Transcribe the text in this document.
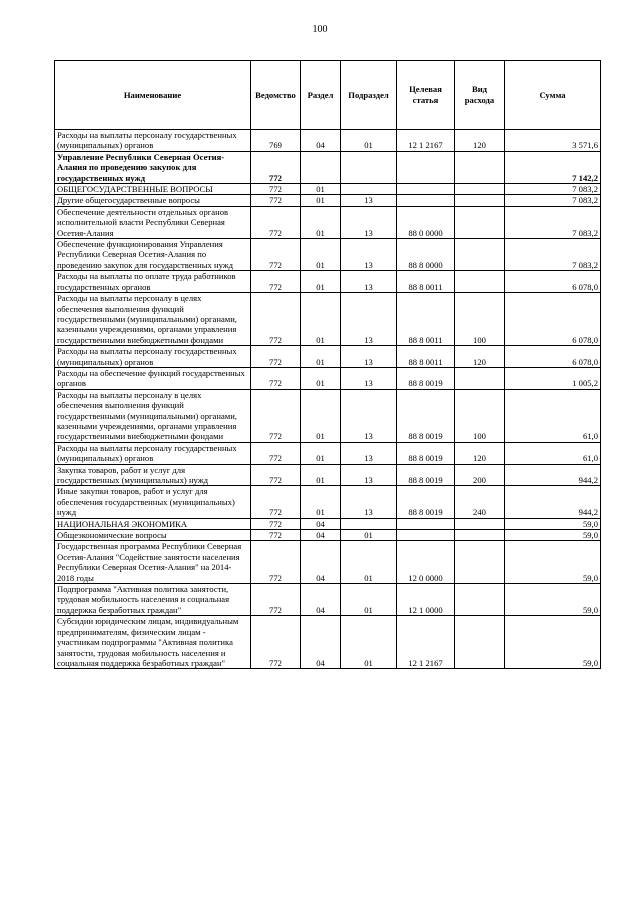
100
Наименование	Ведомство	Раздел	Подраздел	Целевая статья	Вид расхода	Сумма
Расходы на выплаты персоналу государственных (муниципальных) органов	769	04	01	12 1 2167	120	3 571,6
Управление Республики Северная Осетия-Алания по проведению закупок для государственных нужд	772					7 142,2
ОБЩЕГОСУДАРСТВЕННЫЕ ВОПРОСЫ	772	01				7 083,2
Другие общегосударственные вопросы	772	01	13			7 083,2
Обеспечение деятельности отдельных органов исполнительной власти Республики Северная Осетия-Алания	772	01	13	88 0 0000		7 083,2
Обеспечение функционирования Управления Республики Северная Осетия-Алания по проведению закупок для государственных нужд	772	01	13	88 8 0000		7 083,2
Расходы на выплаты по оплате труда работников государственных органов	772	01	13	88 8 0011		6 078,0
Расходы на выплаты персоналу в целях обеспечения выполнения функций государственными (муниципальными) органами, казенными учреждениями, органами управления государственными внебюджетными фондами	772	01	13	88 8 0011	100	6 078,0
Расходы на выплаты персоналу государственных (муниципальных) органов	772	01	13	88 8 0011	120	6 078,0
Расходы на обеспечение функций государственных органов	772	01	13	88 8 0019		1 005,2
Расходы на выплаты персоналу в целях обеспечения выполнения функций государственными (муниципальными) органами, казенными учреждениями, органами управления государственными внебюджетными фондами	772	01	13	88 8 0019	100	61,0
Расходы на выплаты персоналу государственных (муниципальных) органов	772	01	13	88 8 0019	120	61,0
Закупка товаров, работ и услуг для государственных (муниципальных) нужд	772	01	13	88 8 0019	200	944,2
Иные закупки товаров, работ и услуг для обеспечения государственных (муниципальных) нужд	772	01	13	88 8 0019	240	944,2
НАЦИОНАЛЬНАЯ ЭКОНОМИКА	772	04				59,0
Общеэкономические вопросы	772	04	01			59,0
Государственная программа Республики Северная Осетия-Алания "Содействие занятости населения Республики Северная Осетия-Алания" на 2014-2018 годы	772	04	01	12 0 0000		59,0
Подпрограмма "Активная политика занятости, трудовая мобильность населения и социальная поддержка безработных граждан"	772	04	01	12 1 0000		59,0
Субсидии юридическим лицам, индивидуальным предпринимателям, физическим лицам - участникам подпрограммы "Активная политика занятости, трудовая мобильность населения и социальная поддержка безработных граждан"	772	04	01	12 1 2167		59,0
